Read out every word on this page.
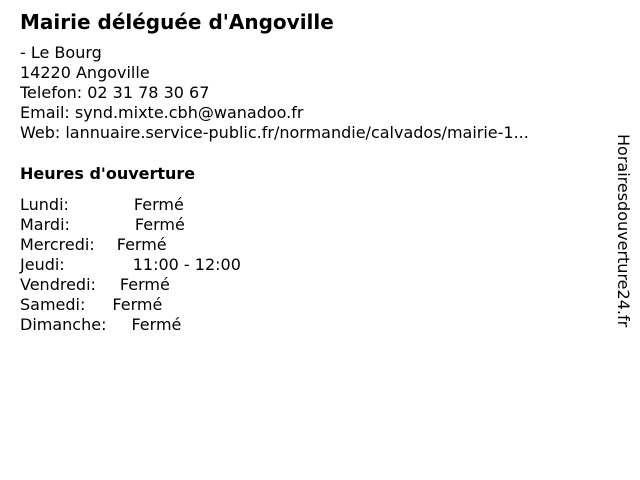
Mairie déléguée d'Angoville
- Le Bourg
14220 Angoville
Telefon: 02 31 78 30 67
Email: synd.mixte.cbh@wanadoo.fr
Web: lannuaire.service-public.fr/normandie/calvados/mairie-1...
Heures d'ouverture
Lundi:	Fermé
Mardi:	Fermé
Mercredi: Fermé
Jeudi:	11:00 - 12:00
Vendredi: Fermé
Samedi: Fermé
Dimanche: Fermé	Horairesdouverture24.fr
